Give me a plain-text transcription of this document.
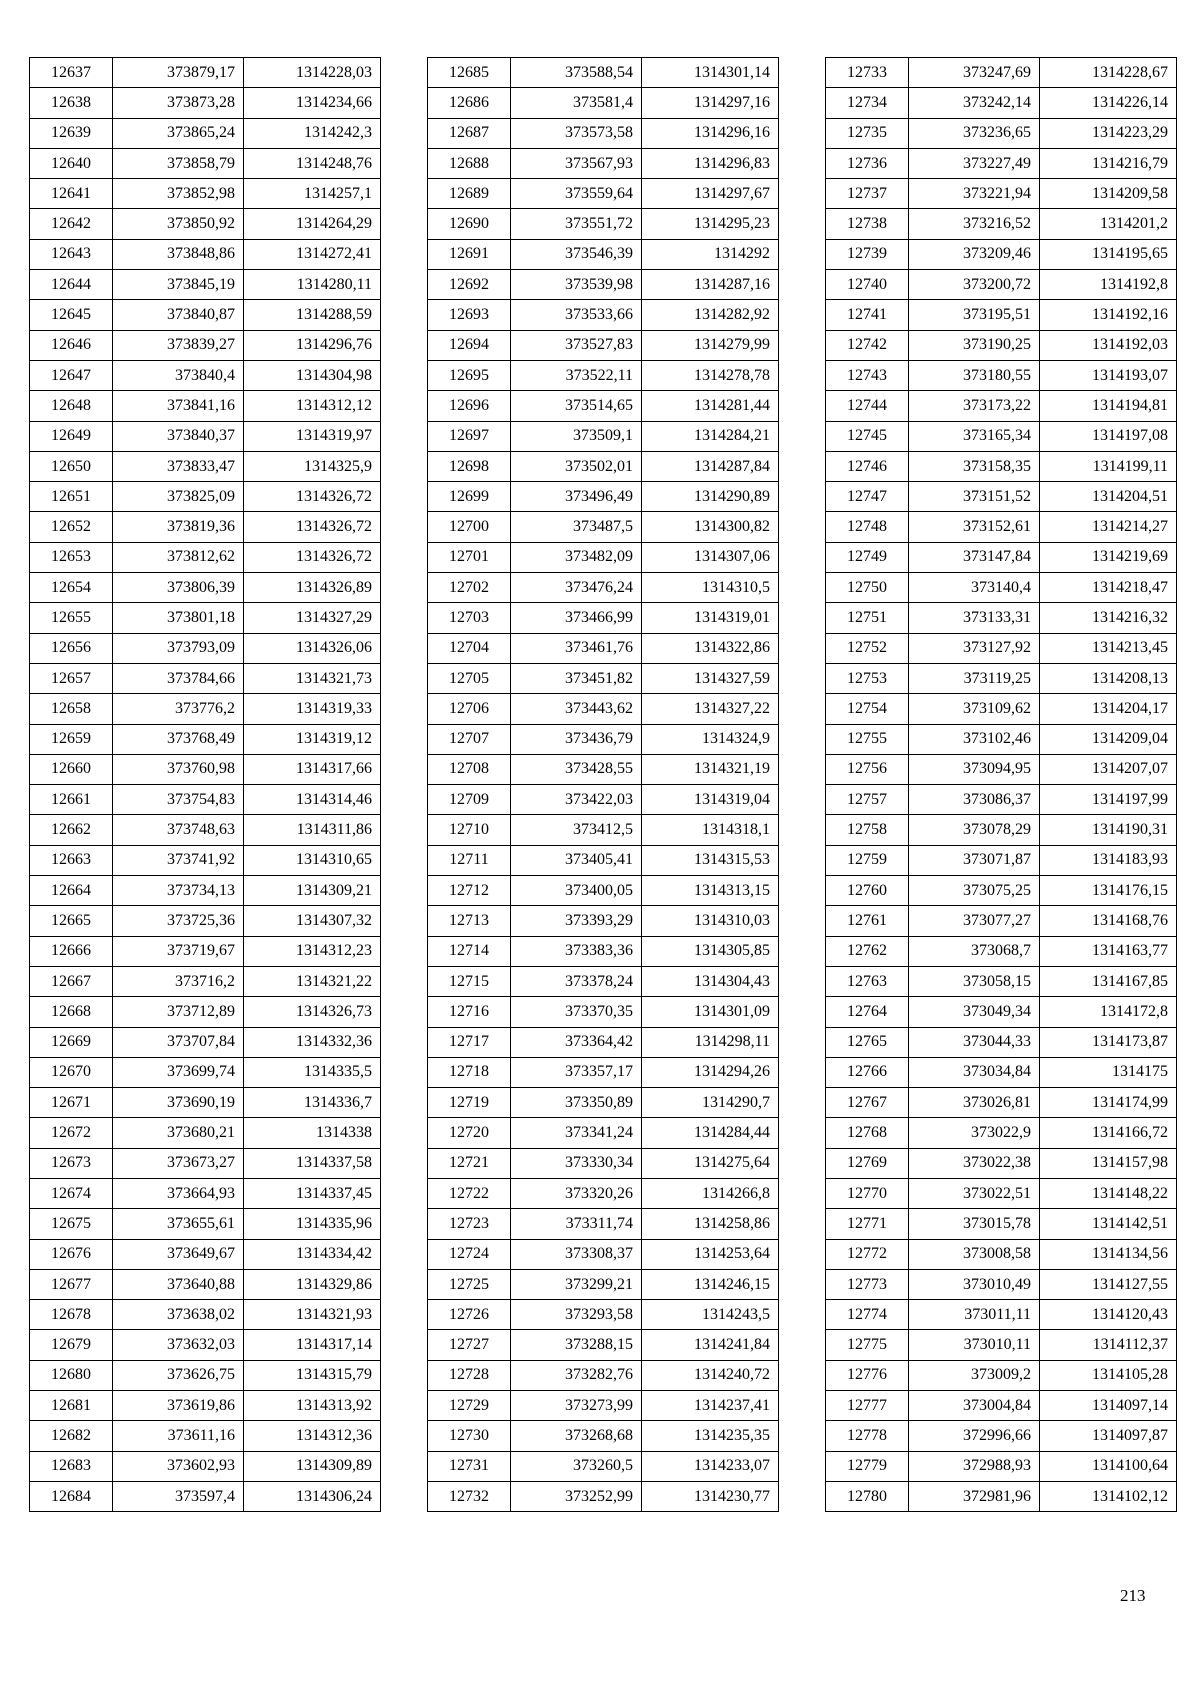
12637	373879,17	1314228,03
12638	373873,28	1314234,66
12639	373865,24	1314242,3
12640	373858,79	1314248,76
12641	373852,98	1314257,1
12642	373850,92	1314264,29
12643	373848,86	1314272,41
12644	373845,19	1314280,11
12645	373840,87	1314288,59
12646	373839,27	1314296,76
12647	373840,4	1314304,98
12648	373841,16	1314312,12
12649	373840,37	1314319,97
12650	373833,47	1314325,9
12651	373825,09	1314326,72
12652	373819,36	1314326,72
12653	373812,62	1314326,72
12654	373806,39	1314326,89
12655	373801,18	1314327,29
12656	373793,09	1314326,06
12657	373784,66	1314321,73
12658	373776,2	1314319,33
12659	373768,49	1314319,12
12660	373760,98	1314317,66
12661	373754,83	1314314,46
12662	373748,63	1314311,86
12663	373741,92	1314310,65
12664	373734,13	1314309,21
12665	373725,36	1314307,32
12666	373719,67	1314312,23
12667	373716,2	1314321,22
12668	373712,89	1314326,73
12669	373707,84	1314332,36
12670	373699,74	1314335,5
12671	373690,19	1314336,7
12672	373680,21	1314338
12673	373673,27	1314337,58
12674	373664,93	1314337,45
12675	373655,61	1314335,96
12676	373649,67	1314334,42
12677	373640,88	1314329,86
12678	373638,02	1314321,93
12679	373632,03	1314317,14
12680	373626,75	1314315,79
12681	373619,86	1314313,92
12682	373611,16	1314312,36
12683	373602,93	1314309,89
12684	373597,4	1314306,24
12685	373588,54	1314301,14
12686	373581,4	1314297,16
12687	373573,58	1314296,16
12688	373567,93	1314296,83
12689	373559,64	1314297,67
12690	373551,72	1314295,23
12691	373546,39	1314292
12692	373539,98	1314287,16
12693	373533,66	1314282,92
12694	373527,83	1314279,99
12695	373522,11	1314278,78
12696	373514,65	1314281,44
12697	373509,1	1314284,21
12698	373502,01	1314287,84
12699	373496,49	1314290,89
12700	373487,5	1314300,82
12701	373482,09	1314307,06
12702	373476,24	1314310,5
12703	373466,99	1314319,01
12704	373461,76	1314322,86
12705	373451,82	1314327,59
12706	373443,62	1314327,22
12707	373436,79	1314324,9
12708	373428,55	1314321,19
12709	373422,03	1314319,04
12710	373412,5	1314318,1
12711	373405,41	1314315,53
12712	373400,05	1314313,15
12713	373393,29	1314310,03
12714	373383,36	1314305,85
12715	373378,24	1314304,43
12716	373370,35	1314301,09
12717	373364,42	1314298,11
12718	373357,17	1314294,26
12719	373350,89	1314290,7
12720	373341,24	1314284,44
12721	373330,34	1314275,64
12722	373320,26	1314266,8
12723	373311,74	1314258,86
12724	373308,37	1314253,64
12725	373299,21	1314246,15
12726	373293,58	1314243,5
12727	373288,15	1314241,84
12728	373282,76	1314240,72
12729	373273,99	1314237,41
12730	373268,68	1314235,35
12731	373260,5	1314233,07
12732	373252,99	1314230,77
12733	373247,69	1314228,67
12734	373242,14	1314226,14
12735	373236,65	1314223,29
12736	373227,49	1314216,79
12737	373221,94	1314209,58
12738	373216,52	1314201,2
12739	373209,46	1314195,65
12740	373200,72	1314192,8
12741	373195,51	1314192,16
12742	373190,25	1314192,03
12743	373180,55	1314193,07
12744	373173,22	1314194,81
12745	373165,34	1314197,08
12746	373158,35	1314199,11
12747	373151,52	1314204,51
12748	373152,61	1314214,27
12749	373147,84	1314219,69
12750	373140,4	1314218,47
12751	373133,31	1314216,32
12752	373127,92	1314213,45
12753	373119,25	1314208,13
12754	373109,62	1314204,17
12755	373102,46	1314209,04
12756	373094,95	1314207,07
12757	373086,37	1314197,99
12758	373078,29	1314190,31
12759	373071,87	1314183,93
12760	373075,25	1314176,15
12761	373077,27	1314168,76
12762	373068,7	1314163,77
12763	373058,15	1314167,85
12764	373049,34	1314172,8
12765	373044,33	1314173,87
12766	373034,84	1314175
12767	373026,81	1314174,99
12768	373022,9	1314166,72
12769	373022,38	1314157,98
12770	373022,51	1314148,22
12771	373015,78	1314142,51
12772	373008,58	1314134,56
12773	373010,49	1314127,55
12774	373011,11	1314120,43
12775	373010,11	1314112,37
12776	373009,2	1314105,28
12777	373004,84	1314097,14
12778	372996,66	1314097,87
12779	372988,93	1314100,64
12780	372981,96	1314102,12
213
